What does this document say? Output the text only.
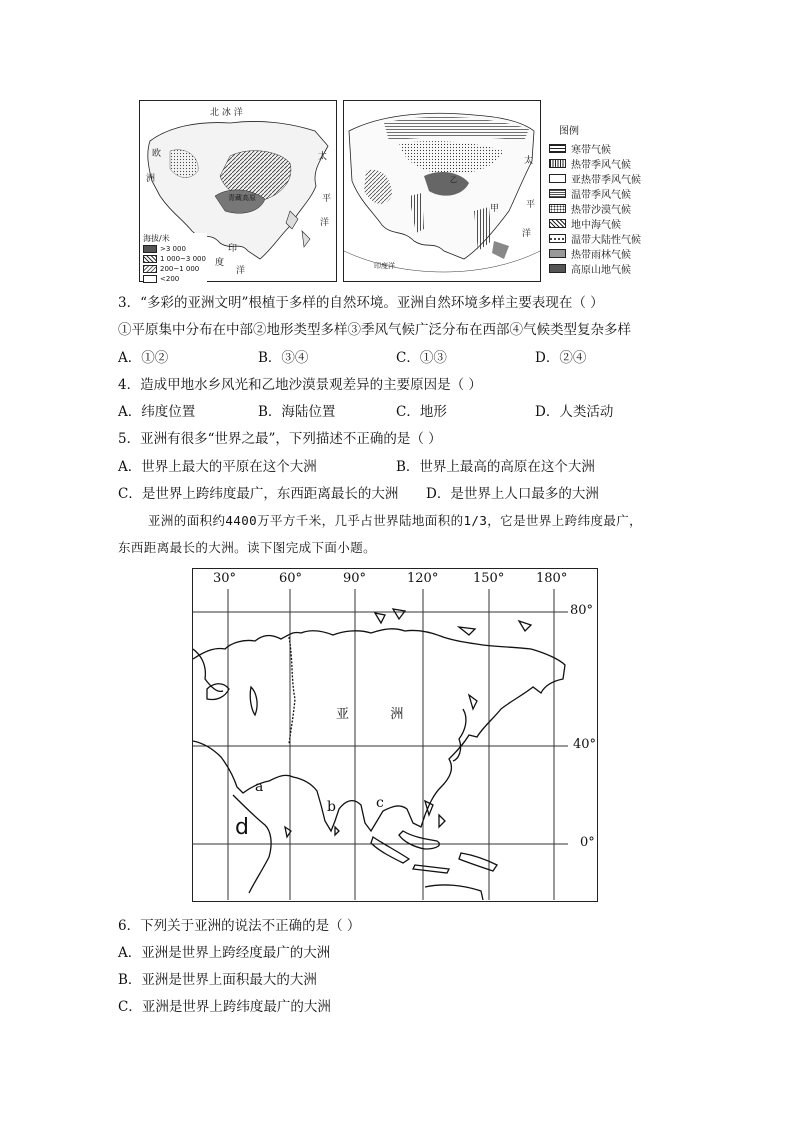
北 冰 洋
欧
洲
太
平
洋
印
度
洋
青藏高原
海拔/米
>3 000
1 000~3 000
200~1 000
<200
太
平
洋
甲
乙
印度洋
图例
寒带气候
热带季风气候
亚热带季风气候
温带季风气候
热带沙漠气候
地中海气候
温带大陆性气候
热带雨林气候
高原山地气候
3．“多彩的亚洲文明”根植于多样的自然环境。亚洲自然环境多样主要表现在（ ）
①平原集中分布在中部②地形类型多样③季风气候广泛分布在西部④气候类型复杂多样
A．①②	B．③④	C．①③	D．②④
4．造成甲地水乡风光和乙地沙漠景观差异的主要原因是（ ）
A．纬度位置	B．海陆位置	C．地形	D．人类活动
5．亚洲有很多“世界之最”，下列描述不正确的是（ ）
A．世界上最大的平原在这个大洲	B．世界上最高的高原在这个大洲
C．是世界上跨纬度最广，东西距离最长的大洲 D．是世界上人口最多的大洲
亚洲的面积约4400万平方千米，几乎占世界陆地面积的1/3，它是世界上跨纬度最广，
东西距离最长的大洲。读下图完成下面小题。
30°	60°	90°	120°	150° 180°
80°
40°
0°
亚          洲
a
b	c
d
6．下列关于亚洲的说法不正确的是（ ）
A．亚洲是世界上跨经度最广的大洲
B．亚洲是世界上面积最大的大洲
C．亚洲是世界上跨纬度最广的大洲
